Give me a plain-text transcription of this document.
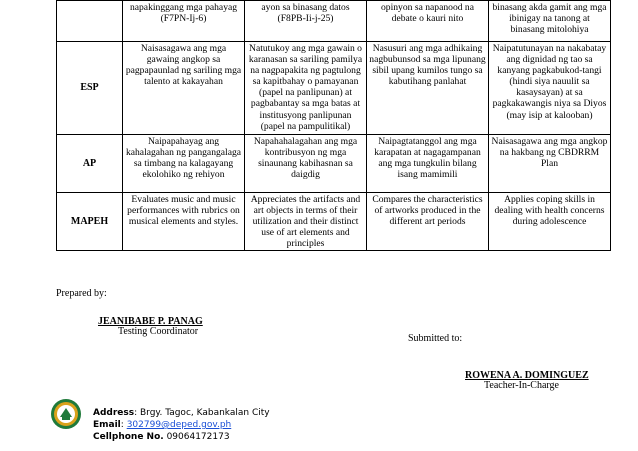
	napakinggang mga pahayag (F7PN-Ij-6)	ayon sa binasang datos (F8PB-Ii-j-25)	opinyon sa napanood na debate o kauri nito	binasang akda gamit ang mga ibinigay na tanong at binasang mitolohiya
ESP	Naisasagawa ang mga gawaing angkop sa pagpapaunlad ng sariling mga talento at kakayahan	Natutukoy ang mga gawain o karanasan sa sariling pamilya na nagpapakita ng pagtulong sa kapitbahay o pamayanan (papel na panlipunan) at pagbabantay sa mga batas at institusyong panlipunan (papel na pampulitikal)	Nasusuri ang mga adhikaing nagbubunsod sa mga lipunang sibil upang kumilos tungo sa kabutihang panlahat	Naipatutunayan na nakabatay ang dignidad ng tao sa kanyang pagkabukod-tangi (hindi siya nauulit sa kasaysayan) at sa pagkakawangis niya sa Diyos (may isip at kalooban)
AP	Naipapahayag ang kahalagahan ng pangangalaga sa timbang na kalagayang ekolohiko ng rehiyon	Napahahalagahan ang mga kontribusyon ng mga sinaunang kabihasnan sa daigdig	Naipagtatanggol ang mga karapatan at nagagampanan ang mga tungkulin bilang isang mamimili	Naisasagawa ang mga angkop na hakbang ng CBDRRM Plan
MAPEH	Evaluates music and music performances with rubrics on musical elements and styles.	Appreciates the artifacts and art objects in terms of their utilization and their distinct use of art elements and principles	Compares the characteristics of artworks produced in the different art periods	Applies coping skills in dealing with health concerns during adolescence
Prepared by:
JEANIBABE P. PANAG
Testing Coordinator
Submitted to:
ROWENA A. DOMINGUEZ
Teacher-In-Charge
Address: Brgy. Tagoc, Kabankalan City
Email: 302799@deped.gov.ph
Cellphone No. 09064172173
